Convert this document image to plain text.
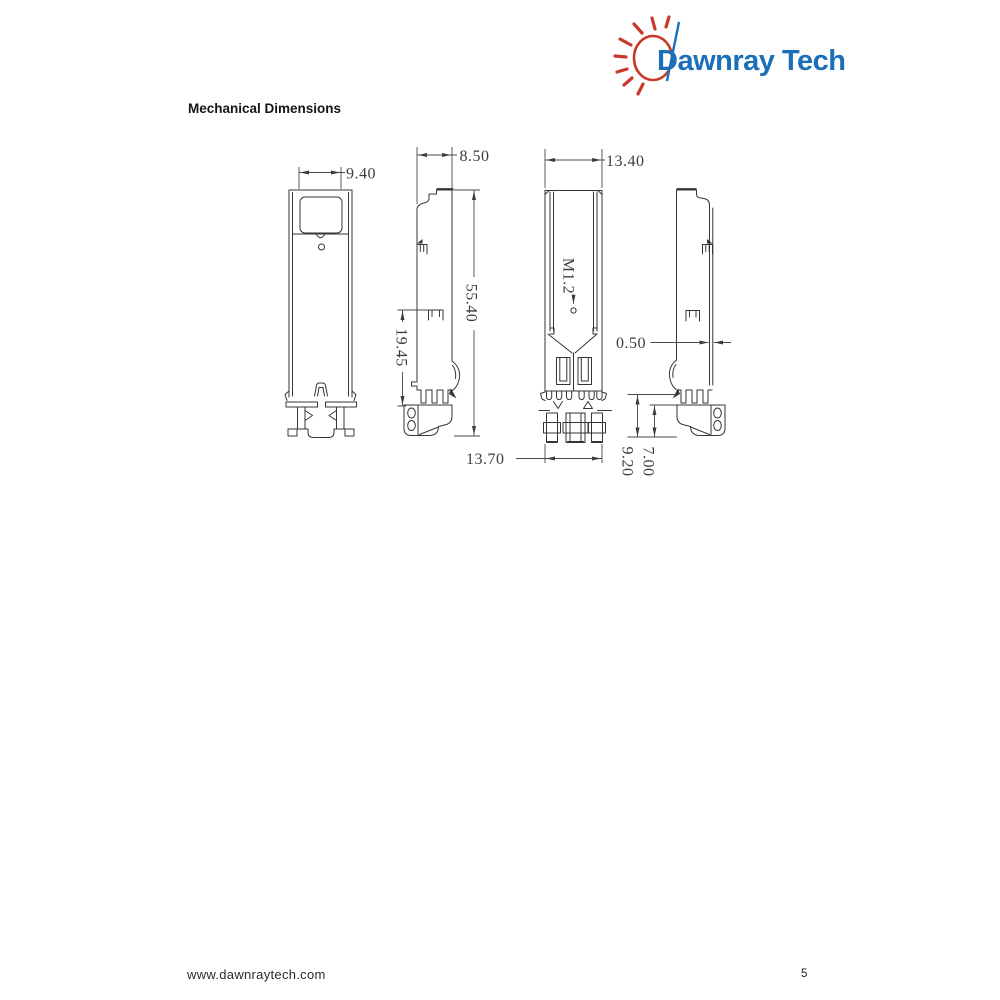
Dawnray Tech
Mechanical Dimensions
9.40
8.50
55.40
19.45
M1.2
13.40
13.70
0.50
9.20 7.00
www.dawnraytech.com	5
